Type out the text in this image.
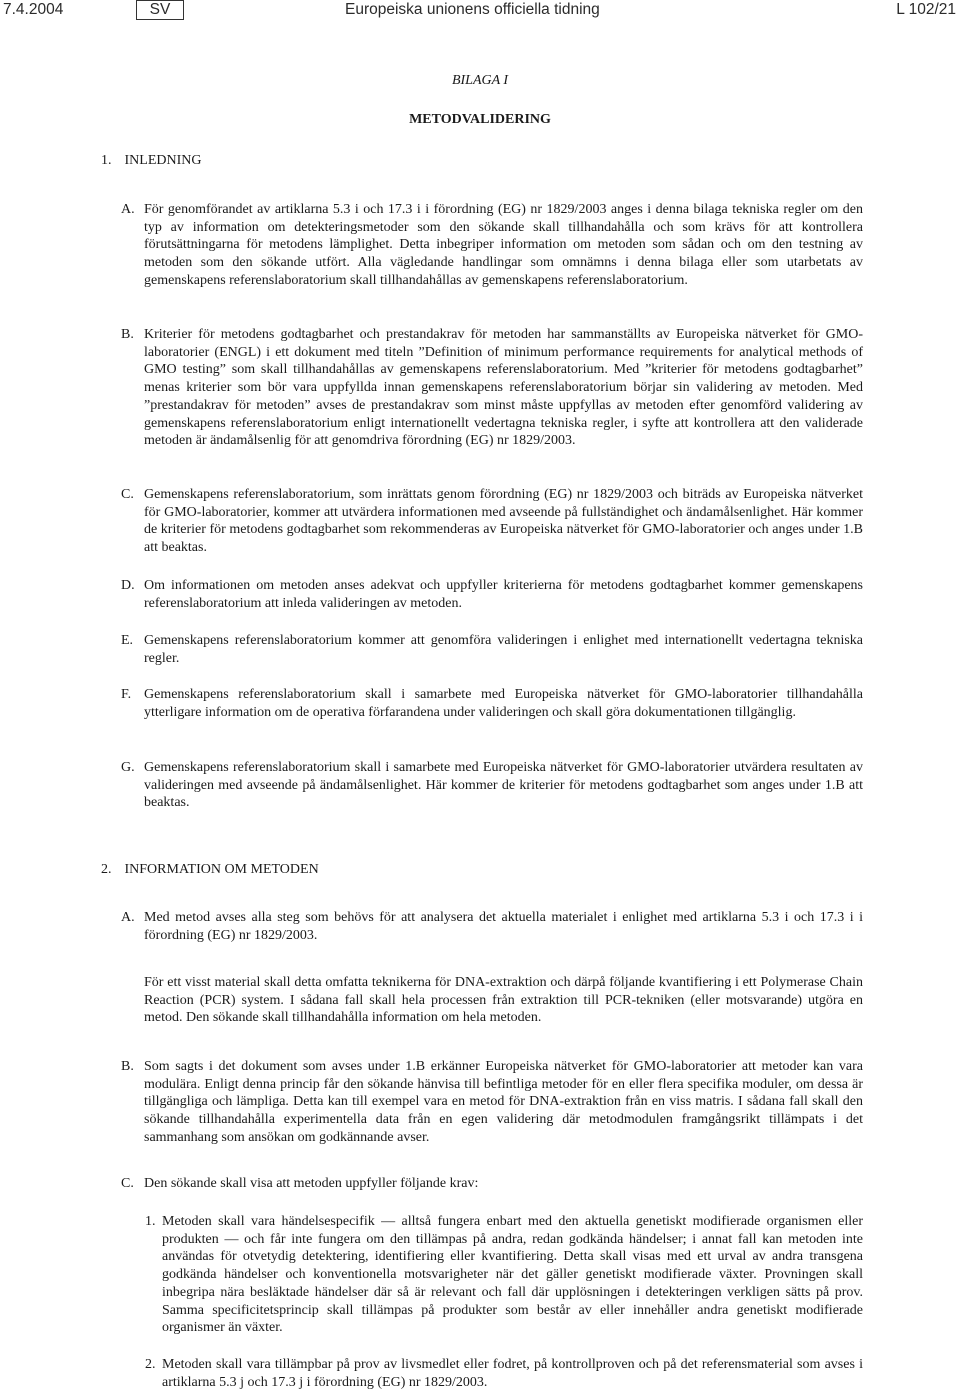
7.4.2004	SV	Europeiska unionens officiella tidning	L 102/21
BILAGA I
METODVALIDERING
1. INLEDNING
A. För genomförandet av artiklarna 5.3 i och 17.3 i i förordning (EG) nr 1829/2003 anges i denna bilaga tekniska regler om den typ av information om detekteringsmetoder som den sökande skall tillhandahålla och som krävs för att kontrollera förutsättningarna för metodens lämplighet. Detta inbegriper information om metoden som sådan och om den testning av metoden som den sökande utfört. Alla vägledande handlingar som omnämns i denna bilaga eller som utarbetats av gemenskapens referenslaboratorium skall tillhandahållas av gemenskapens referenslaboratorium.

B. Kriterier för metodens godtagbarhet och prestandakrav för metoden har sammanställts av Europeiska nätverket för GMO-laboratorier (ENGL) i ett dokument med titeln ”Definition of minimum performance requirements for analytical methods of GMO testing” som skall tillhandahållas av gemenskapens referenslaboratorium. Med ”kriterier för metodens godtagbarhet” menas kriterier som bör vara uppfyllda innan gemenskapens referenslaboratorium börjar sin validering av metoden. Med ”prestandakrav för metoden” avses de prestandakrav som minst måste uppfyllas av metoden efter genomförd validering av gemenskapens referenslaboratorium enligt internationellt vedertagna tekniska regler, i syfte att kontrollera att den validerade metoden är ändamålsenlig för att genomdriva förordning (EG) nr 1829/2003.

C. Gemenskapens referenslaboratorium, som inrättats genom förordning (EG) nr 1829/2003 och biträds av Europeiska nätverket för GMO-laboratorier, kommer att utvärdera informationen med avseende på fullständighet och ändamålsenlighet. Här kommer de kriterier för metodens godtagbarhet som rekommenderas av Europeiska nätverket för GMO-laboratorier och anges under 1.B att beaktas.

D. Om informationen om metoden anses adekvat och uppfyller kriterierna för metodens godtagbarhet kommer gemenskapens referenslaboratorium att inleda valideringen av metoden.

E. Gemenskapens referenslaboratorium kommer att genomföra valideringen i enlighet med internationellt vedertagna tekniska regler.

F. Gemenskapens referenslaboratorium skall i samarbete med Europeiska nätverket för GMO-laboratorier tillhandahålla ytterligare information om de operativa förfarandena under valideringen och skall göra dokumentationen tillgänglig.

G. Gemenskapens referenslaboratorium skall i samarbete med Europeiska nätverket för GMO-laboratorier utvärdera resultaten av valideringen med avseende på ändamålsenlighet. Här kommer de kriterier för metodens godtagbarhet som anges under 1.B att beaktas.

2. INFORMATION OM METODEN
A. Med metod avses alla steg som behövs för att analysera det aktuella materialet i enlighet med artiklarna 5.3 i och 17.3 i i förordning (EG) nr 1829/2003.

För ett visst material skall detta omfatta teknikerna för DNA-extraktion och därpå följande kvantifiering i ett Polymerase Chain Reaction (PCR) system. I sådana fall skall hela processen från extraktion till PCR-tekniken (eller motsvarande) utgöra en metod. Den sökande skall tillhandahålla information om hela metoden.
B. Som sagts i det dokument som avses under 1.B erkänner Europeiska nätverket för GMO-laboratorier att metoder kan vara modulära. Enligt denna princip får den sökande hänvisa till befintliga metoder för en eller flera specifika moduler, om dessa är tillgängliga och lämpliga. Detta kan till exempel vara en metod för DNA-extraktion från en viss matris. I sådana fall skall den sökande tillhandahålla experimentella data från en egen validering där metodmodulen framgångsrikt tillämpats i det sammanhang som ansökan om godkännande avser.

C. Den sökande skall visa att metoden uppfyller följande krav:

1. Metoden skall vara händelsespecifik — alltså fungera enbart med den aktuella genetiskt modifierade organismen eller produkten — och får inte fungera om den tillämpas på andra, redan godkända händelser; i annat fall kan metoden inte användas för otvetydig detektering, identifiering eller kvantifiering. Detta skall visas med ett urval av andra transgena godkända händelser och konventionella motsvarigheter när det gäller genetiskt modifierade växter. Provningen skall inbegripa nära besläktade händelser där så är relevant och fall där upplösningen i detekteringen verkligen sätts på prov. Samma specificitetsprincip skall tillämpas på produkter som består av eller innehåller andra genetiskt modifierade organismer än växter.
2. Metoden skall vara tillämpbar på prov av livsmedlet eller fodret, på kontrollproven och på det referensmaterial som avses i artiklarna 5.3 j och 17.3 j i förordning (EG) nr 1829/2003.
